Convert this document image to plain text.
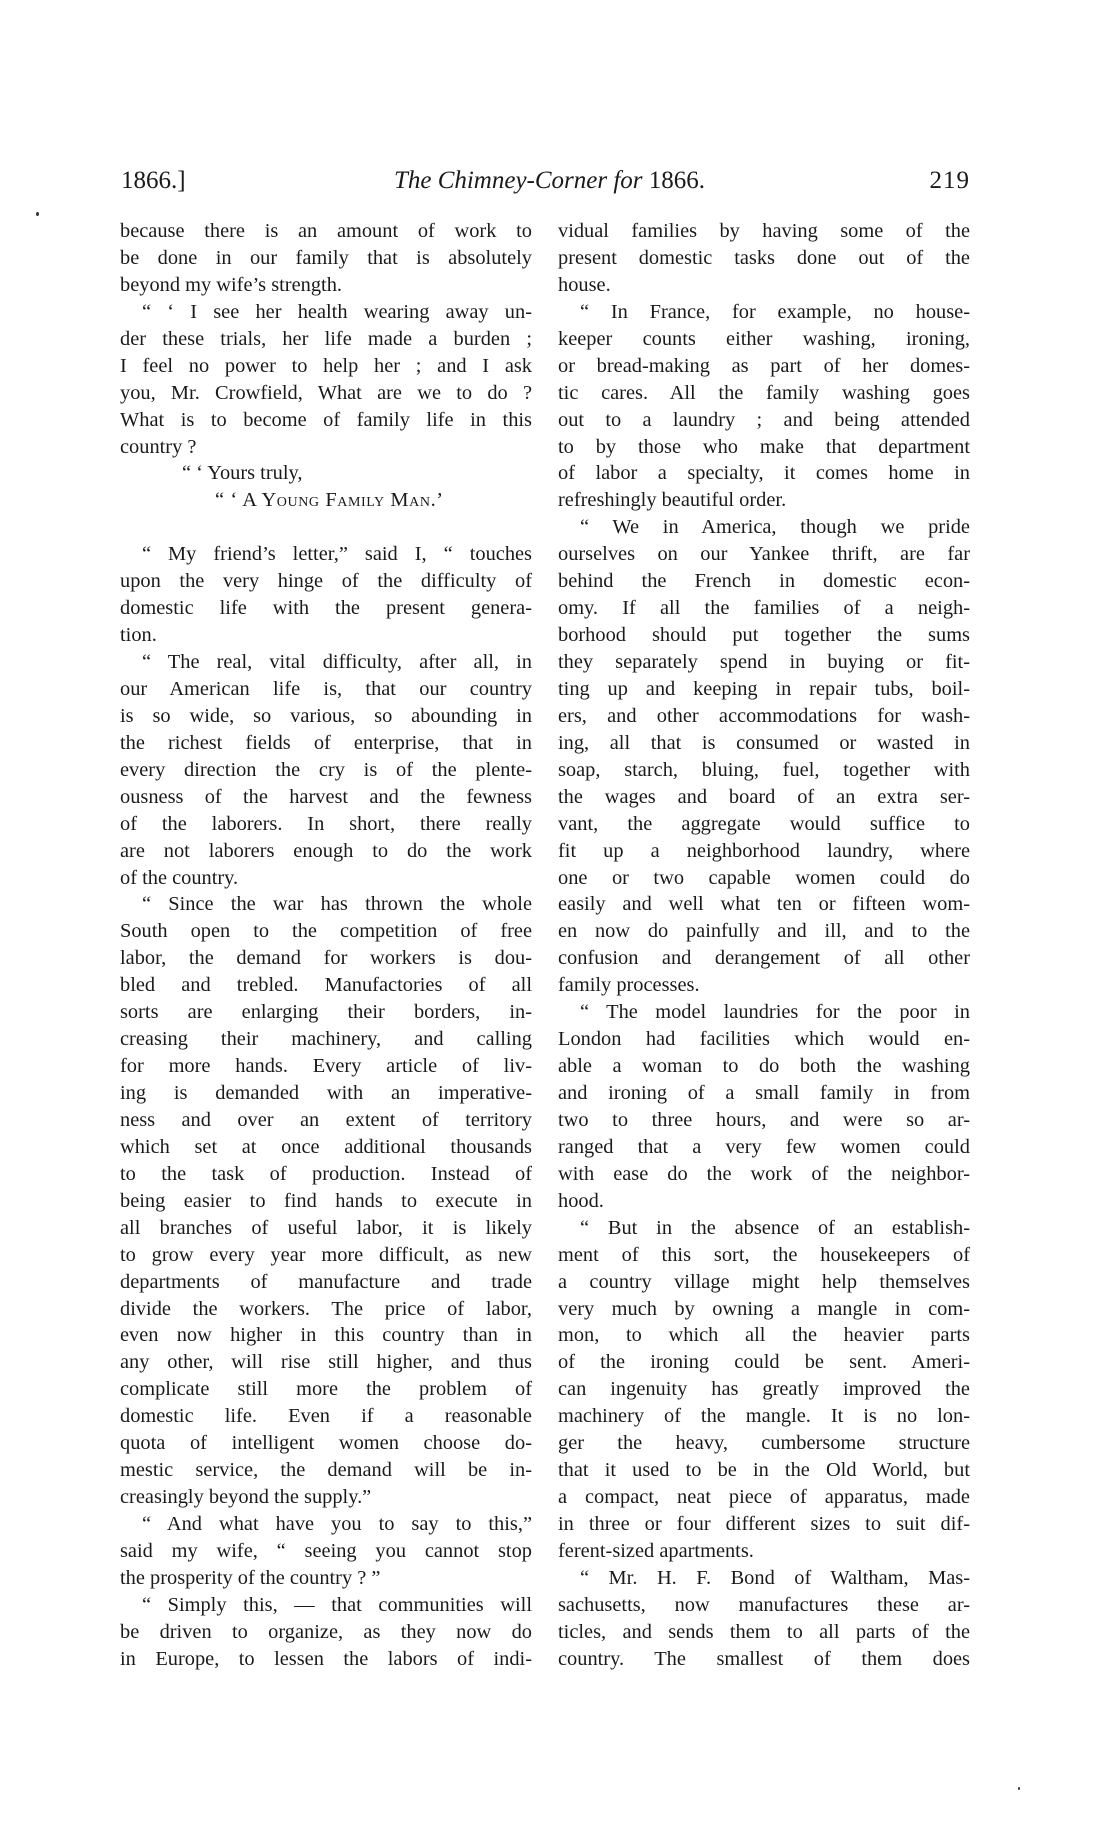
1866.]	The Chimney-Corner for 1866.	219
because there is an amount of work to
be done in our family that is absolutely
beyond my wife’s strength.
“ ‘ I see her health wearing away un-
der these trials, her life made a burden ;
I feel no power to help her ; and I ask
you, Mr. Crowfield, What are we to do ?
What is to become of family life in this
country ?
“ ‘ Yours truly,
“ ‘ A Young Family Man.’
“ My friend’s letter,” said I, “ touches
upon the very hinge of the difficulty of
domestic life with the present genera-
tion.
“ The real, vital difficulty, after all, in
our American life is, that our country
is so wide, so various, so abounding in
the richest fields of enterprise, that in
every direction the cry is of the plente-
ousness of the harvest and the fewness
of the laborers. In short, there really
are not laborers enough to do the work
of the country.
“ Since the war has thrown the whole
South open to the competition of free
labor, the demand for workers is dou-
bled and trebled. Manufactories of all
sorts are enlarging their borders, in-
creasing their machinery, and calling
for more hands. Every article of liv-
ing is demanded with an imperative-
ness and over an extent of territory
which set at once additional thousands
to the task of production. Instead of
being easier to find hands to execute in
all branches of useful labor, it is likely
to grow every year more difficult, as new
departments of manufacture and trade
divide the workers. The price of labor,
even now higher in this country than in
any other, will rise still higher, and thus
complicate still more the problem of
domestic life. Even if a reasonable
quota of intelligent women choose do-
mestic service, the demand will be in-
creasingly beyond the supply.”
“ And what have you to say to this,”
said my wife, “ seeing you cannot stop
the prosperity of the country ? ”
“ Simply this, — that communities will
be driven to organize, as they now do
in Europe, to lessen the labors of indi-
vidual families by having some of the
present domestic tasks done out of the
house.
“ In France, for example, no house-
keeper counts either washing, ironing,
or bread-making as part of her domes-
tic cares. All the family washing goes
out to a laundry ; and being attended
to by those who make that department
of labor a specialty, it comes home in
refreshingly beautiful order.
“ We in America, though we pride
ourselves on our Yankee thrift, are far
behind the French in domestic econ-
omy. If all the families of a neigh-
borhood should put together the sums
they separately spend in buying or fit-
ting up and keeping in repair tubs, boil-
ers, and other accommodations for wash-
ing, all that is consumed or wasted in
soap, starch, bluing, fuel, together with
the wages and board of an extra ser-
vant, the aggregate would suffice to
fit up a neighborhood laundry, where
one or two capable women could do
easily and well what ten or fifteen wom-
en now do painfully and ill, and to the
confusion and derangement of all other
family processes.
“ The model laundries for the poor in
London had facilities which would en-
able a woman to do both the washing
and ironing of a small family in from
two to three hours, and were so ar-
ranged that a very few women could
with ease do the work of the neighbor-
hood.
“ But in the absence of an establish-
ment of this sort, the housekeepers of
a country village might help themselves
very much by owning a mangle in com-
mon, to which all the heavier parts
of the ironing could be sent. Ameri-
can ingenuity has greatly improved the
machinery of the mangle. It is no lon-
ger the heavy, cumbersome structure
that it used to be in the Old World, but
a compact, neat piece of apparatus, made
in three or four different sizes to suit dif-
ferent-sized apartments.
“ Mr. H. F. Bond of Waltham, Mas-
sachusetts, now manufactures these ar-
ticles, and sends them to all parts of the
country. The smallest of them does
